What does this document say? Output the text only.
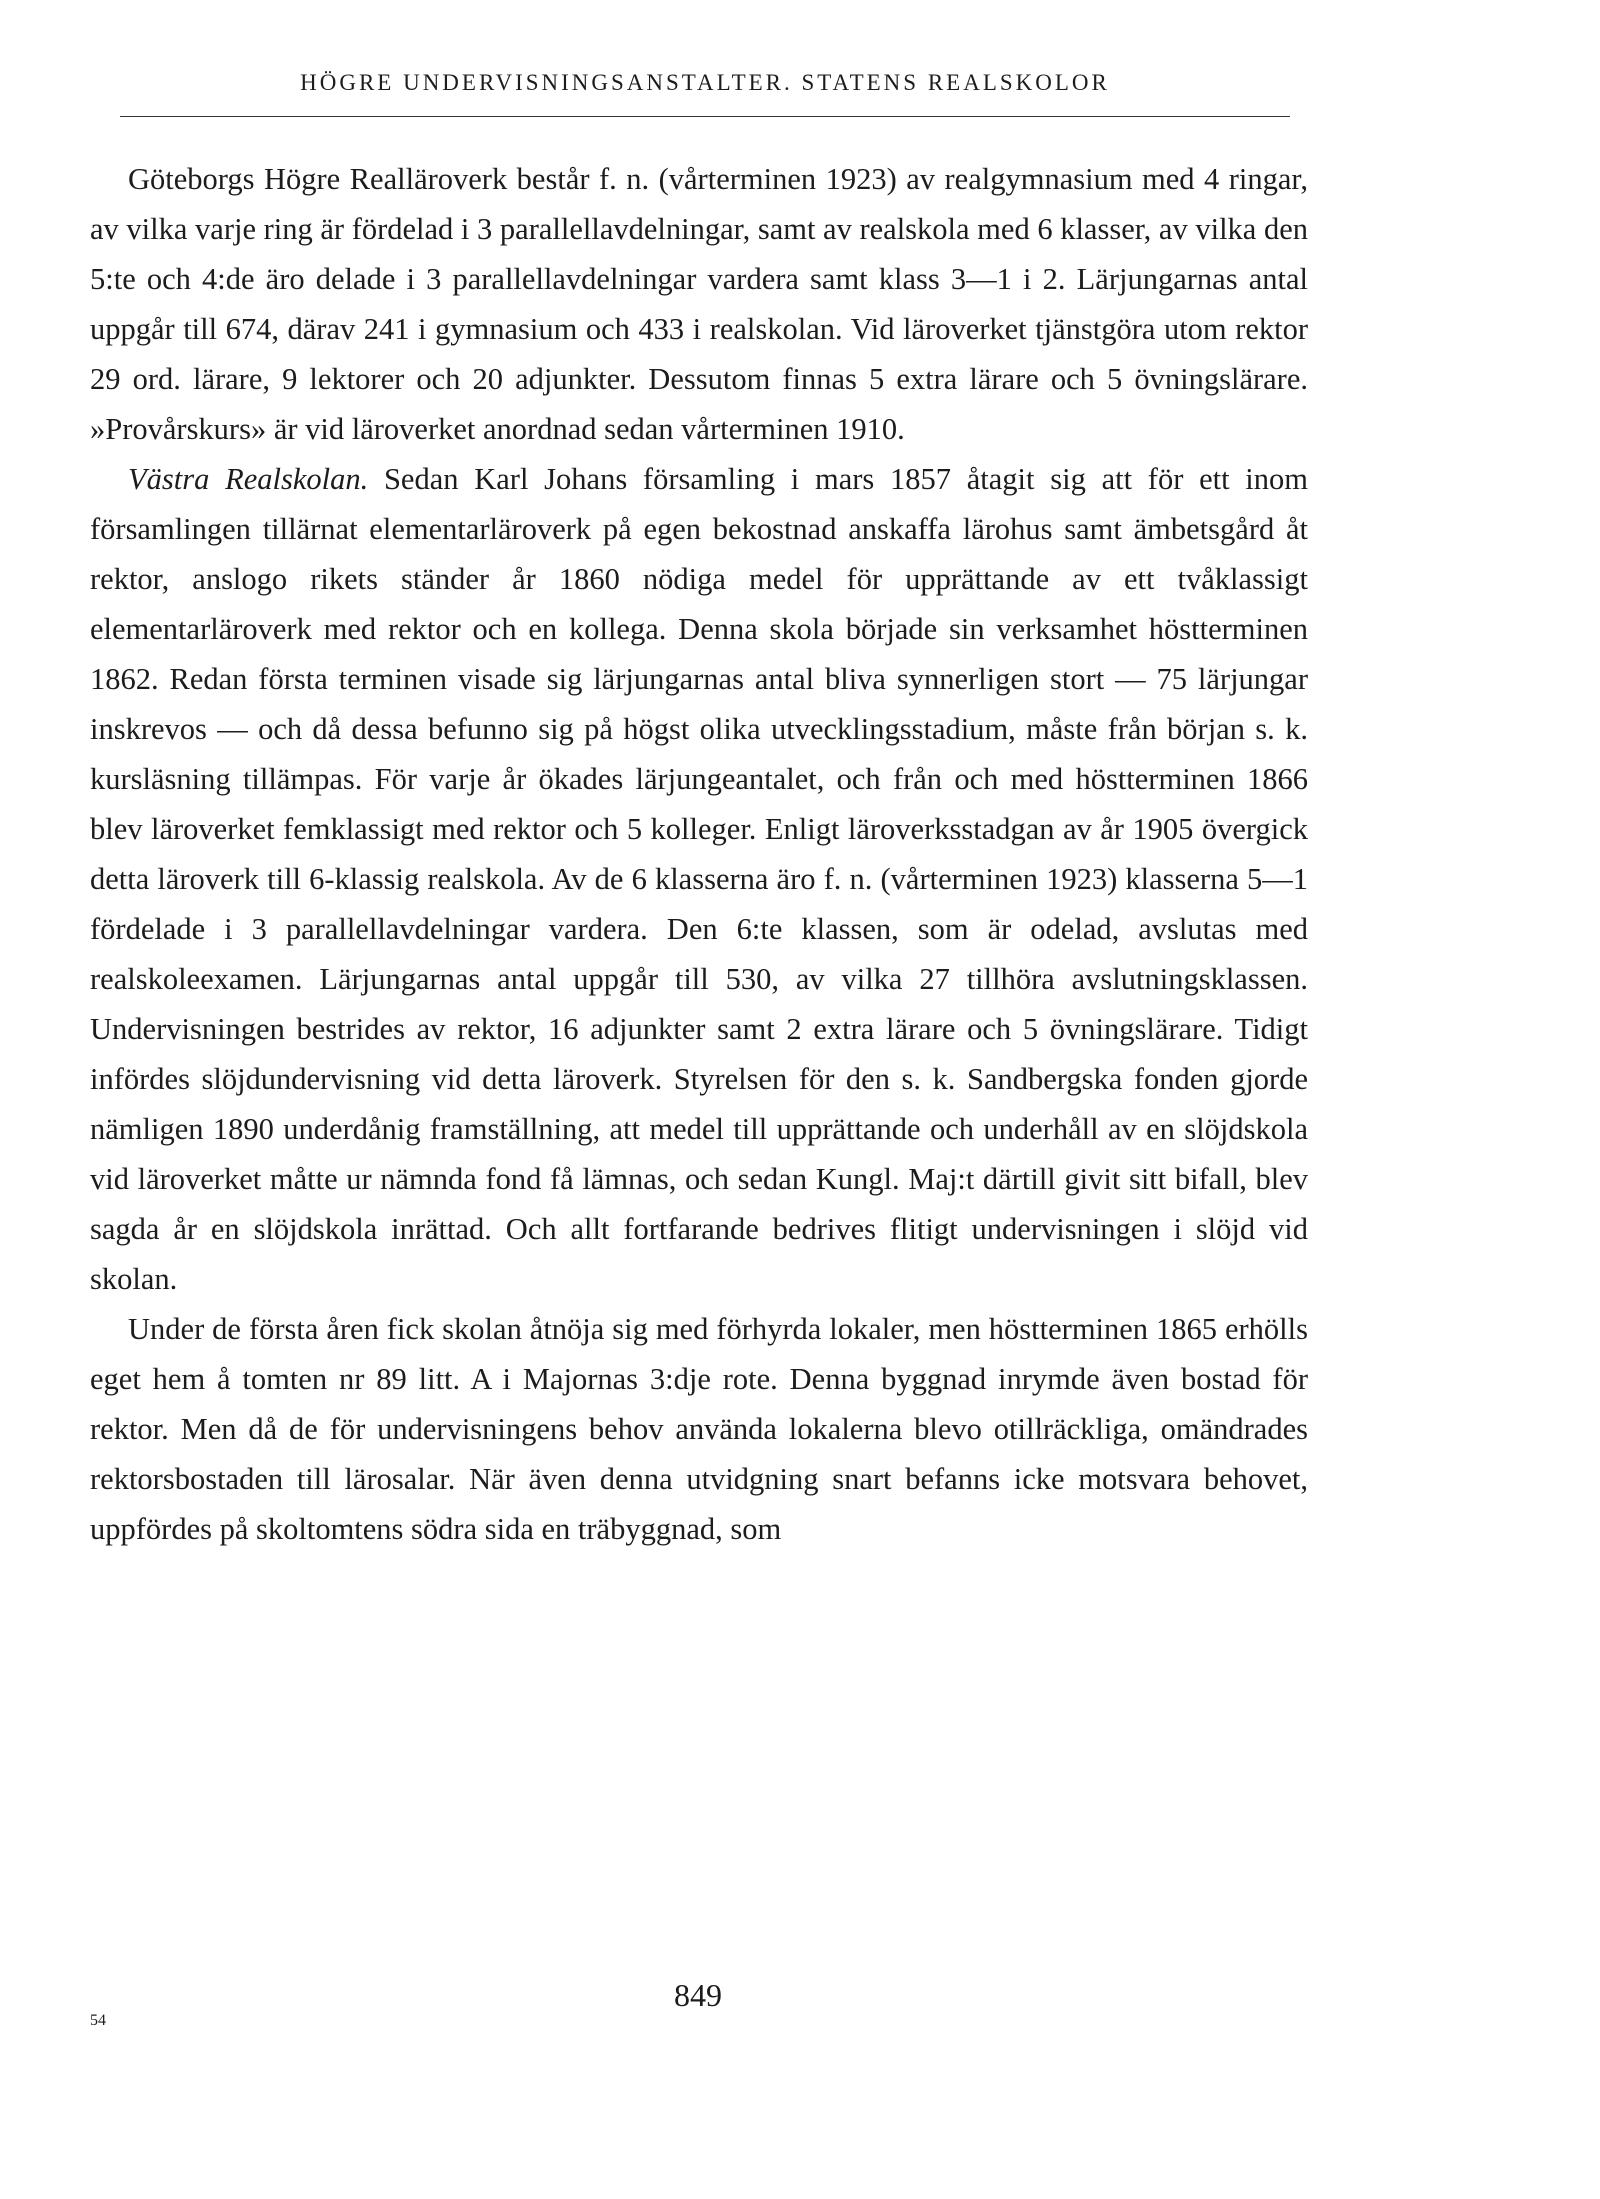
HÖGRE UNDERVISNINGSANSTALTER. STATENS REALSKOLOR

Göteborgs Högre Realläroverk består f. n. (vårterminen 1923) av realgymnasium med 4 ringar, av vilka varje ring är fördelad i 3 parallellavdelningar, samt av realskola med 6 klasser, av vilka den 5:te och 4:de äro delade i 3 parallellavdelningar vardera samt klass 3—1 i 2. Lärjungarnas antal uppgår till 674, därav 241 i gymnasium och 433 i realskolan. Vid läroverket tjänstgöra utom rektor 29 ord. lärare, 9 lektorer och 20 adjunkter. Dessutom finnas 5 extra lärare och 5 övningslärare. »Provårskurs» är vid läroverket anordnad sedan vårterminen 1910.

Västra Realskolan. Sedan Karl Johans församling i mars 1857 åtagit sig att för ett inom församlingen tillärnat elementarläroverk på egen bekostnad anskaffa lärohus samt ämbetsgård åt rektor, anslogo rikets ständer år 1860 nödiga medel för upprättande av ett tvåklassigt elementarläroverk med rektor och en kollega. Denna skola började sin verksamhet höstterminen 1862. Redan första terminen visade sig lärjungarnas antal bliva synnerligen stort — 75 lärjungar inskrevos — och då dessa befunno sig på högst olika utvecklingsstadium, måste från början s. k. kursläsning tillämpas. För varje år ökades lärjungeantalet, och från och med höstterminen 1866 blev läroverket femklassigt med rektor och 5 kolleger. Enligt läroverksstadgan av år 1905 övergick detta läroverk till 6-klassig realskola. Av de 6 klasserna äro f. n. (vårterminen 1923) klasserna 5—1 fördelade i 3 parallellavdelningar vardera. Den 6:te klassen, som är odelad, avslutas med realskoleexamen. Lärjungarnas antal uppgår till 530, av vilka 27 tillhöra avslutningsklassen. Undervisningen bestrides av rektor, 16 adjunkter samt 2 extra lärare och 5 övningslärare. Tidigt infördes slöjdundervisning vid detta läroverk. Styrelsen för den s. k. Sandbergska fonden gjorde nämligen 1890 underdånig framställning, att medel till upprättande och underhåll av en slöjdskola vid läroverket måtte ur nämnda fond få lämnas, och sedan Kungl. Maj:t därtill givit sitt bifall, blev sagda år en slöjdskola inrättad. Och allt fortfarande bedrives flitigt undervisningen i slöjd vid skolan.

Under de första åren fick skolan åtnöja sig med förhyrda lokaler, men höstterminen 1865 erhölls eget hem å tomten nr 89 litt. A i Majornas 3:dje rote. Denna byggnad inrymde även bostad för rektor. Men då de för undervisningens behov använda lokalerna blevo otillräckliga, omändrades rektorsbostaden till lärosalar. När även denna utvidgning snart befanns icke motsvara behovet, uppfördes på skoltomtens södra sida en träbyggnad, som

54
849
